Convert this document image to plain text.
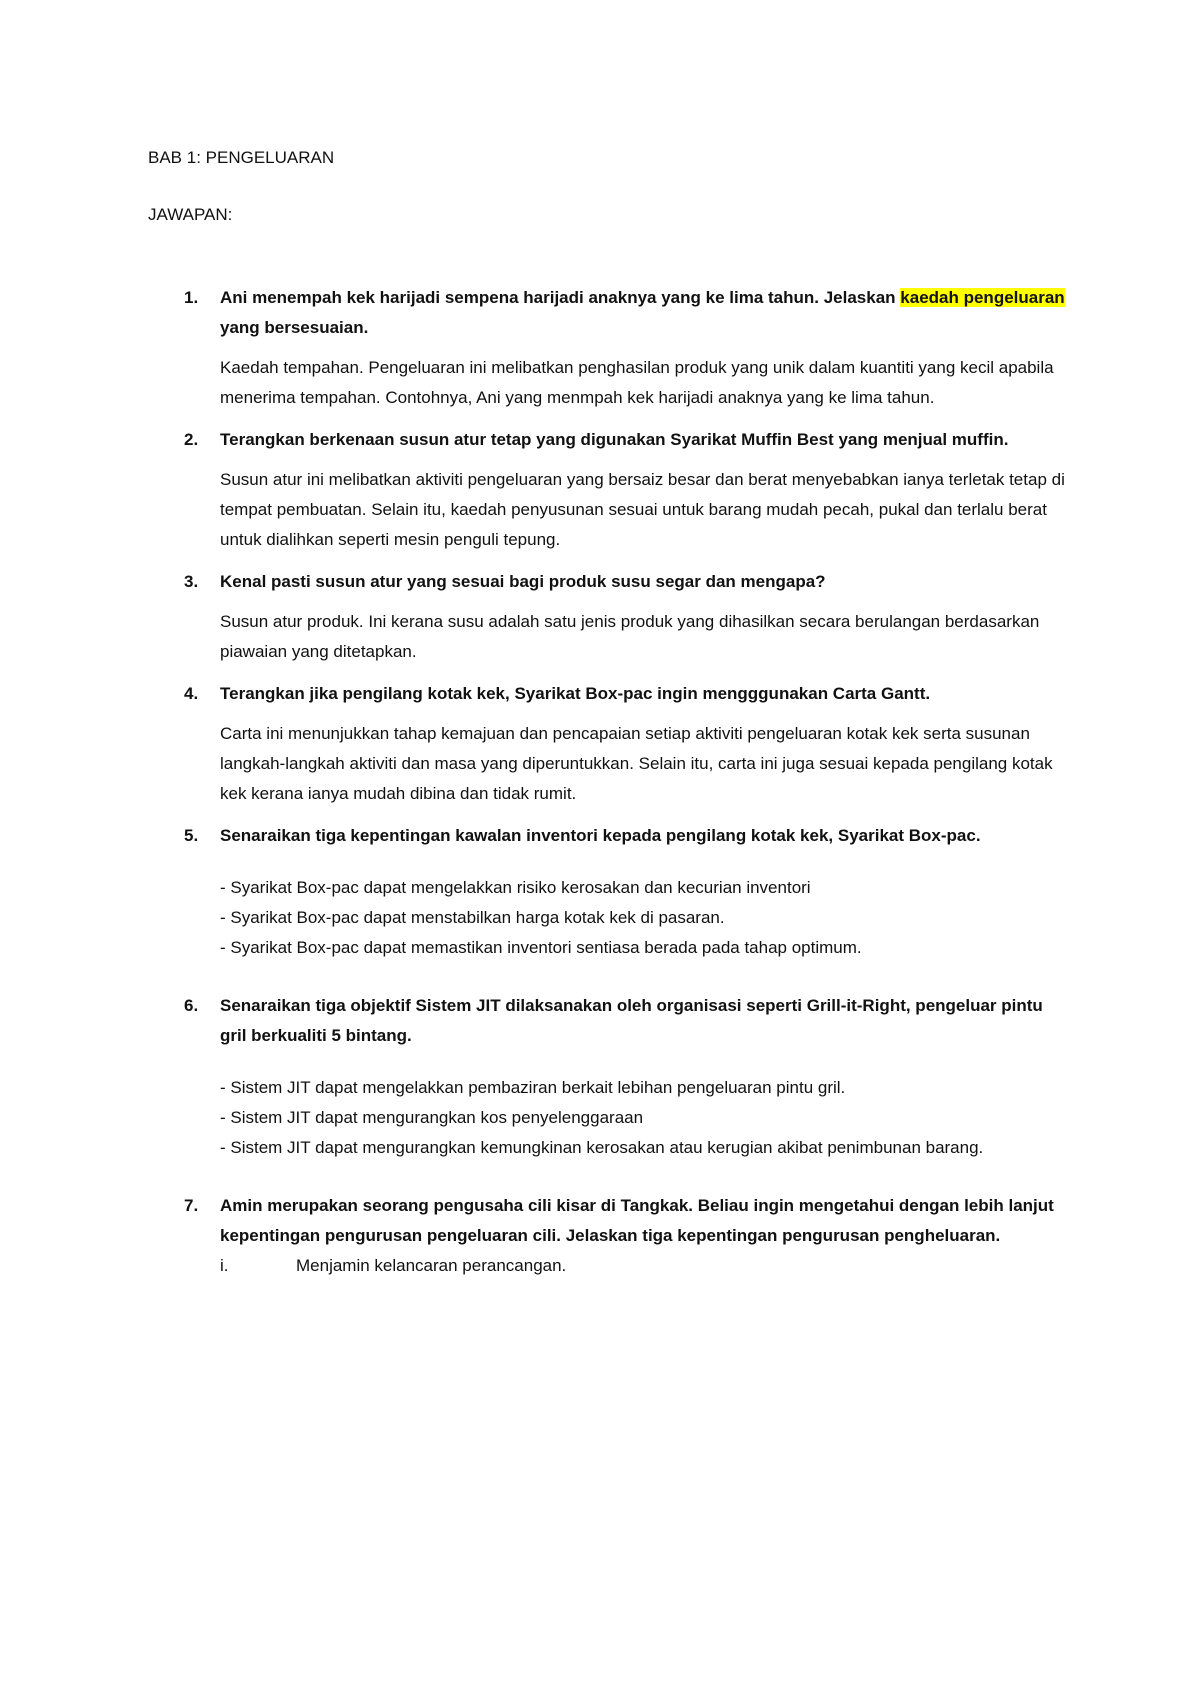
BAB 1: PENGELUARAN
JAWAPAN:
1. Ani menempah kek harijadi sempena harijadi anaknya yang ke lima tahun. Jelaskan kaedah pengeluaran yang bersesuaian.

Kaedah tempahan. Pengeluaran ini melibatkan penghasilan produk yang unik dalam kuantiti yang kecil apabila menerima tempahan. Contohnya, Ani yang menmpah kek harijadi anaknya yang ke lima tahun.

2. Terangkan berkenaan susun atur tetap yang digunakan Syarikat Muffin Best yang menjual muffin.

Susun atur ini melibatkan aktiviti pengeluaran yang bersaiz besar dan berat menyebabkan ianya terletak tetap di tempat pembuatan. Selain itu, kaedah penyusunan sesuai untuk barang mudah pecah, pukal dan terlalu berat untuk dialihkan seperti mesin penguli tepung.

3. Kenal pasti susun atur yang sesuai bagi produk susu segar dan mengapa?

Susun atur produk. Ini kerana susu adalah satu jenis produk yang dihasilkan secara berulangan berdasarkan piawaian yang ditetapkan.

4. Terangkan jika pengilang kotak kek, Syarikat Box-pac ingin mengggunakan Carta Gantt.

Carta ini menunjukkan tahap kemajuan dan pencapaian setiap aktiviti pengeluaran kotak kek serta susunan langkah-langkah aktiviti dan masa yang diperuntukkan. Selain itu, carta ini juga sesuai kepada pengilang kotak kek kerana ianya mudah dibina dan tidak rumit.

5. Senaraikan tiga kepentingan kawalan inventori kepada pengilang kotak kek, Syarikat Box-pac.

- Syarikat Box-pac dapat mengelakkan risiko kerosakan dan kecurian inventori
- Syarikat Box-pac dapat menstabilkan harga kotak kek di pasaran.
- Syarikat Box-pac dapat memastikan inventori sentiasa berada pada tahap optimum.
6. Senaraikan tiga objektif Sistem JIT dilaksanakan oleh organisasi seperti Grill-it-Right, pengeluar pintu gril berkualiti 5 bintang.

- Sistem JIT dapat mengelakkan pembaziran berkait lebihan pengeluaran pintu gril.
- Sistem JIT dapat mengurangkan kos penyelenggaraan
- Sistem JIT dapat mengurangkan kemungkinan kerosakan atau kerugian akibat penimbunan barang.
7. Amin merupakan seorang pengusaha cili kisar di Tangkak. Beliau ingin mengetahui dengan lebih lanjut kepentingan pengurusan pengeluaran cili. Jelaskan tiga kepentingan pengurusan pengheluaran.

i.	Menjamin kelancaran perancangan.
